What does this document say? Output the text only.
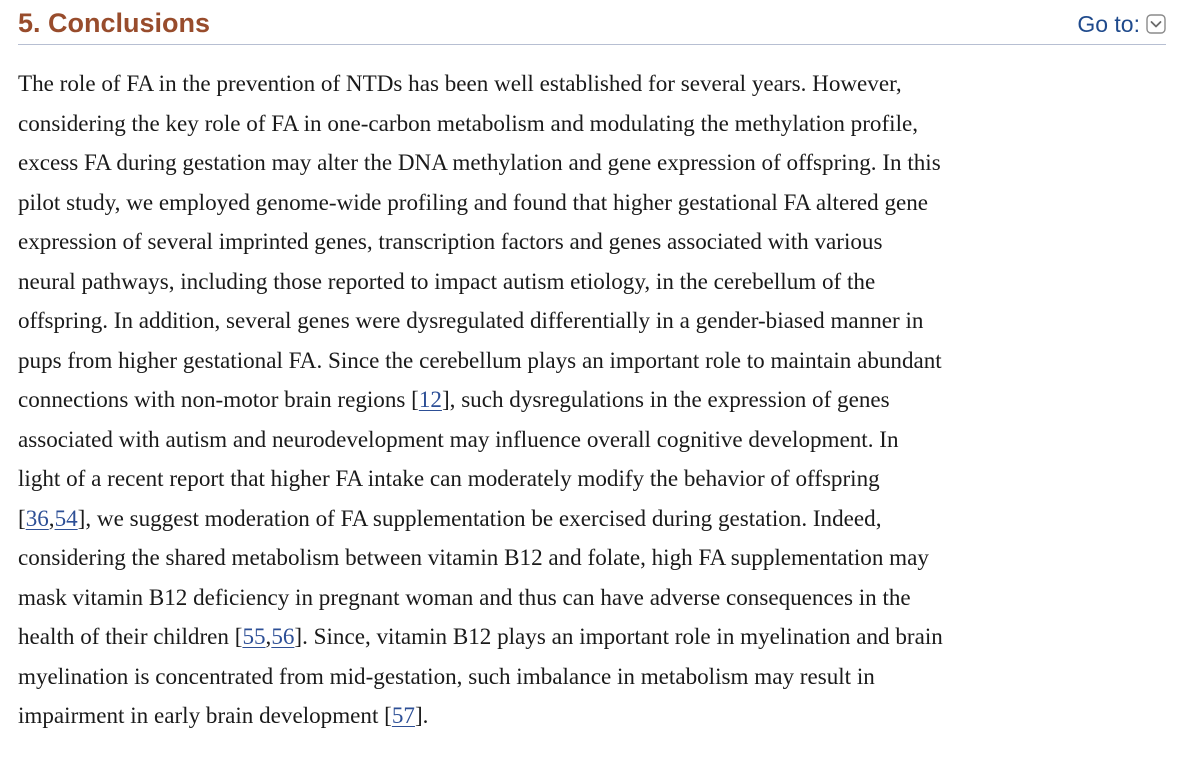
5. Conclusions	Go to:

The role of FA in the prevention of NTDs has been well established for several years. However,
considering the key role of FA in one-carbon metabolism and modulating the methylation profile,
excess FA during gestation may alter the DNA methylation and gene expression of offspring. In this
pilot study, we employed genome-wide profiling and found that higher gestational FA altered gene
expression of several imprinted genes, transcription factors and genes associated with various
neural pathways, including those reported to impact autism etiology, in the cerebellum of the
offspring. In addition, several genes were dysregulated differentially in a gender-biased manner in
pups from higher gestational FA. Since the cerebellum plays an important role to maintain abundant
connections with non-motor brain regions [12], such dysregulations in the expression of genes
associated with autism and neurodevelopment may influence overall cognitive development. In
light of a recent report that higher FA intake can moderately modify the behavior of offspring
[36,54], we suggest moderation of FA supplementation be exercised during gestation. Indeed,
considering the shared metabolism between vitamin B12 and folate, high FA supplementation may
mask vitamin B12 deficiency in pregnant woman and thus can have adverse consequences in the
health of their children [55,56]. Since, vitamin B12 plays an important role in myelination and brain
myelination is concentrated from mid-gestation, such imbalance in metabolism may result in
impairment in early brain development [57].
